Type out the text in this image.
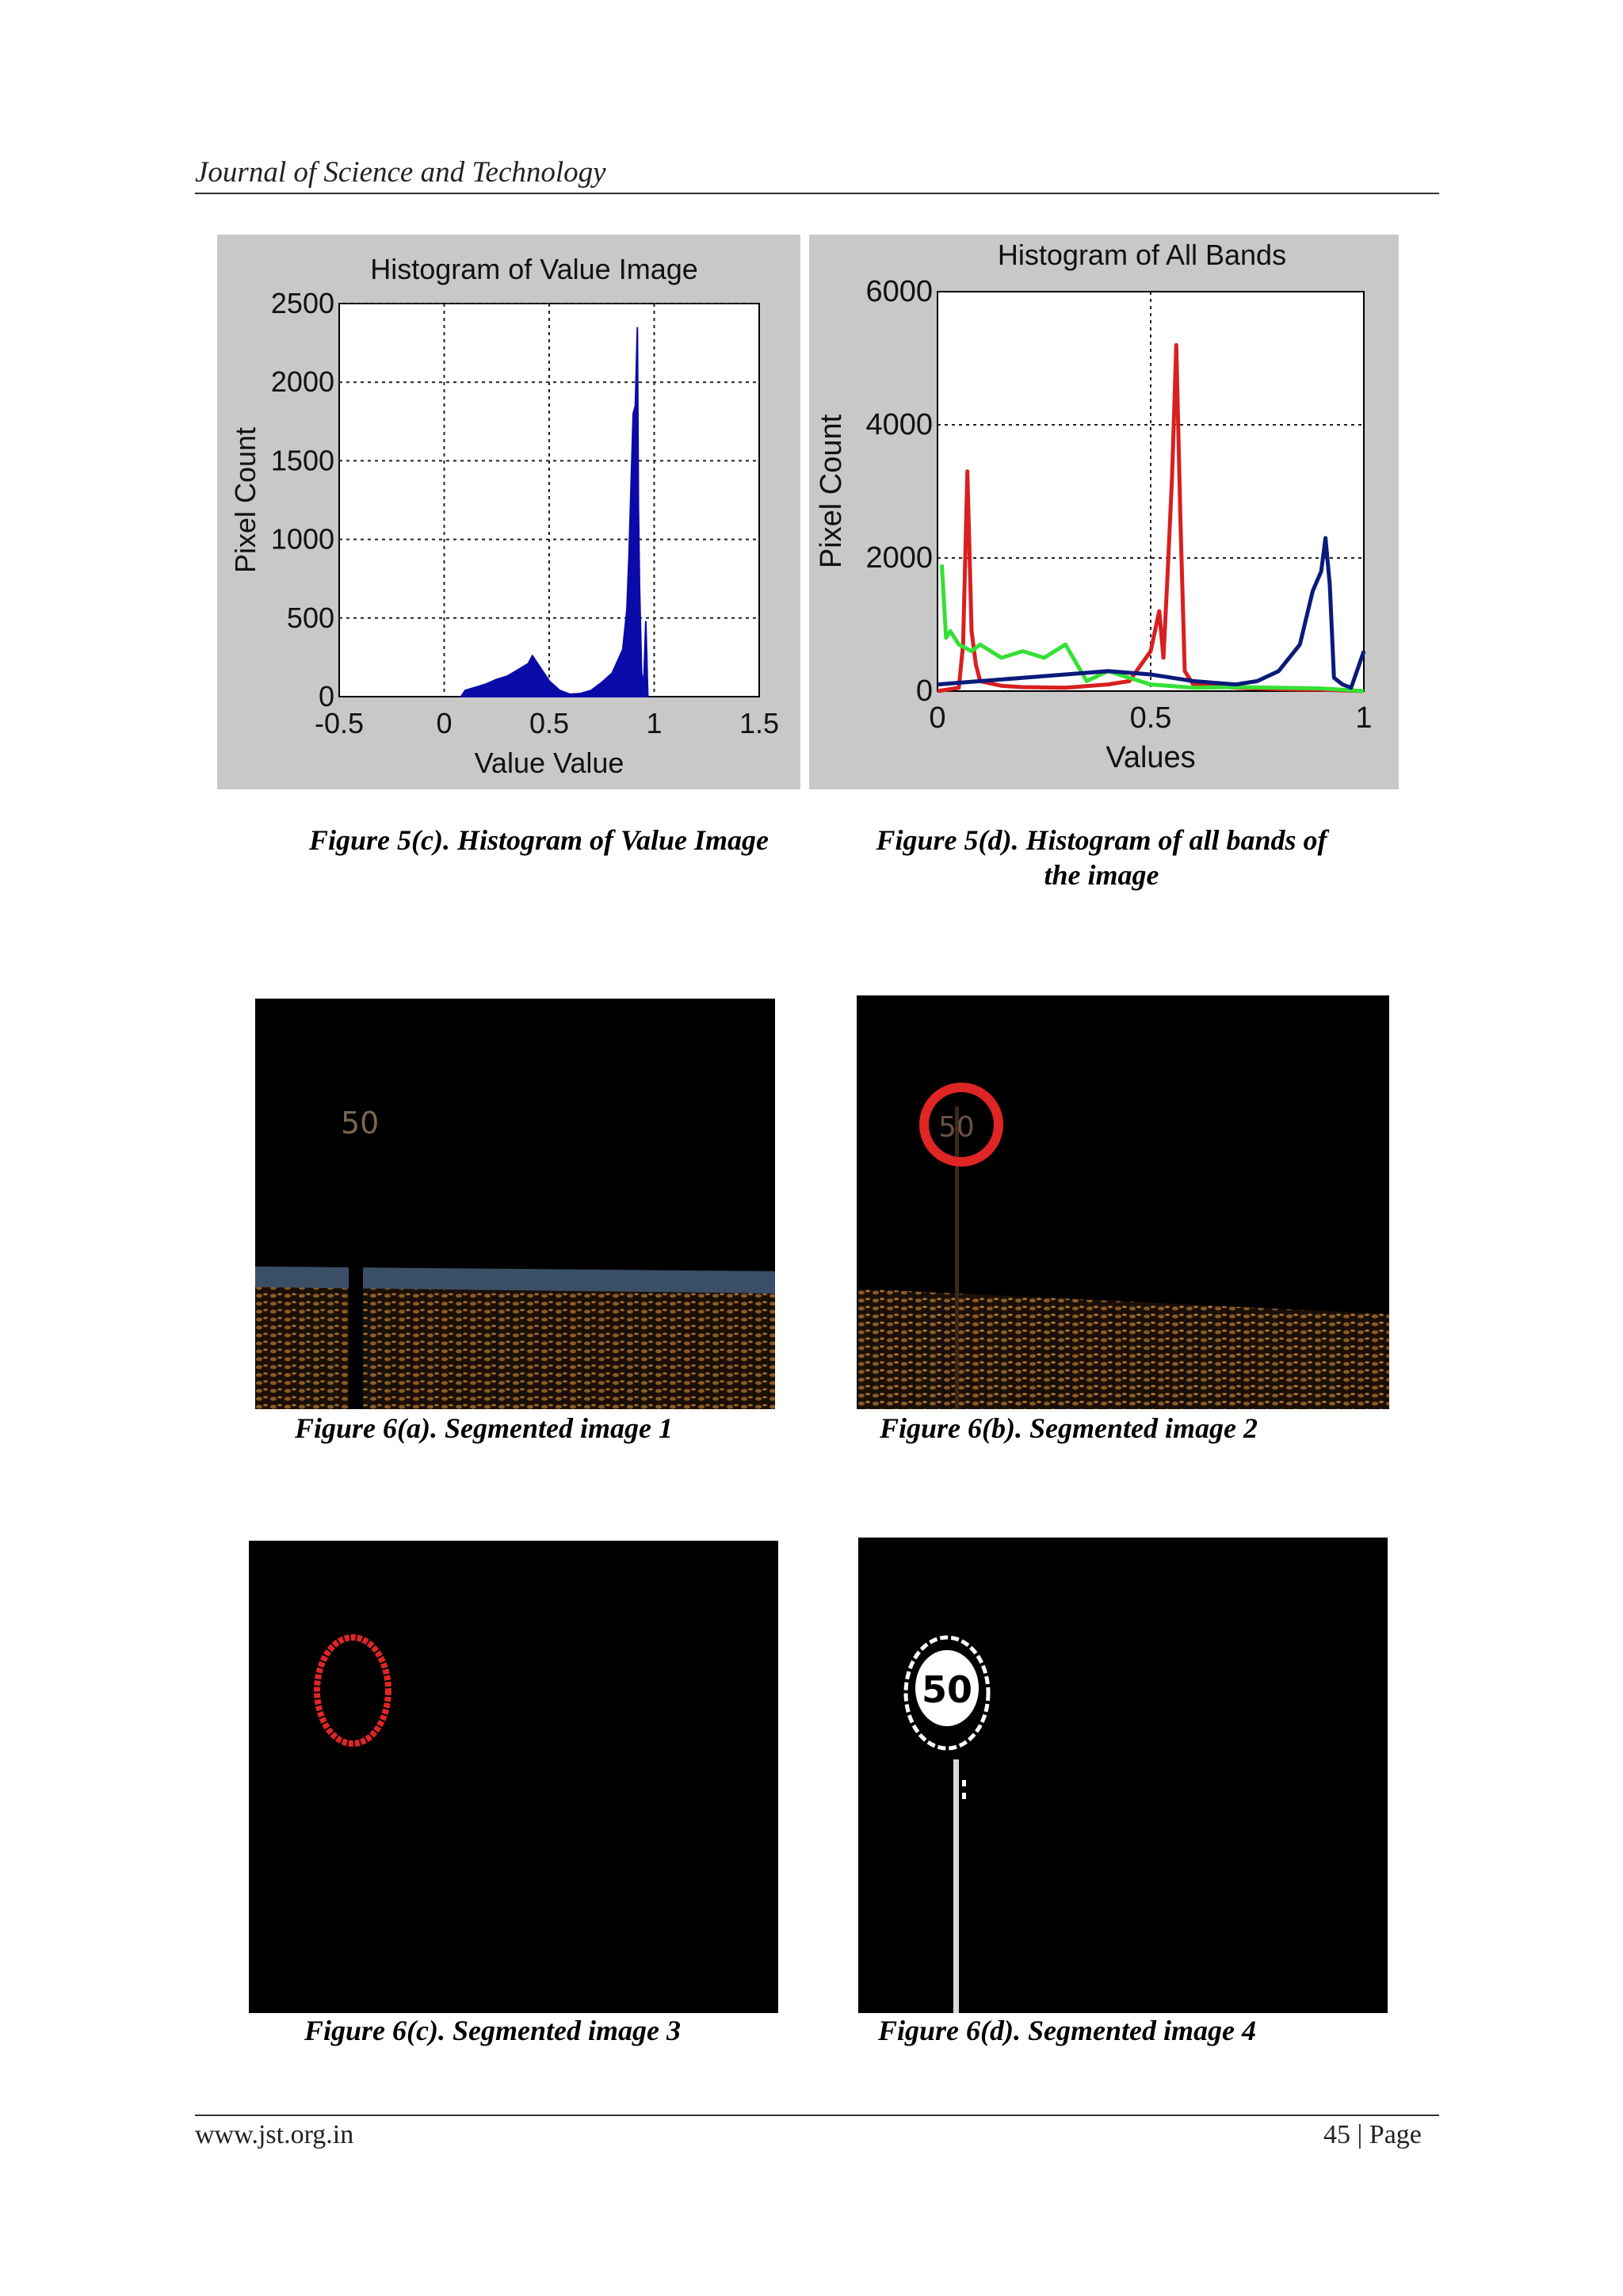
Journal of Science and Technology
-0.5	0	0.5	1	1.5
0
500
1000
1500
2000
2500
Histogram of Value Image
Value Value
Pixel Count
Figure 5(c). Histogram of Value Image
0	0.5	1
0
2000
4000
6000
Histogram of All Bands
Values
Pixel Count
Figure 5(d). Histogram of all bands of the image
50
Figure 6(a). Segmented image 1
50
Figure 6(b). Segmented image 2
Figure 6(c). Segmented image 3
50
Figure 6(d). Segmented image 4
www.jst.org.in	45 | Page
